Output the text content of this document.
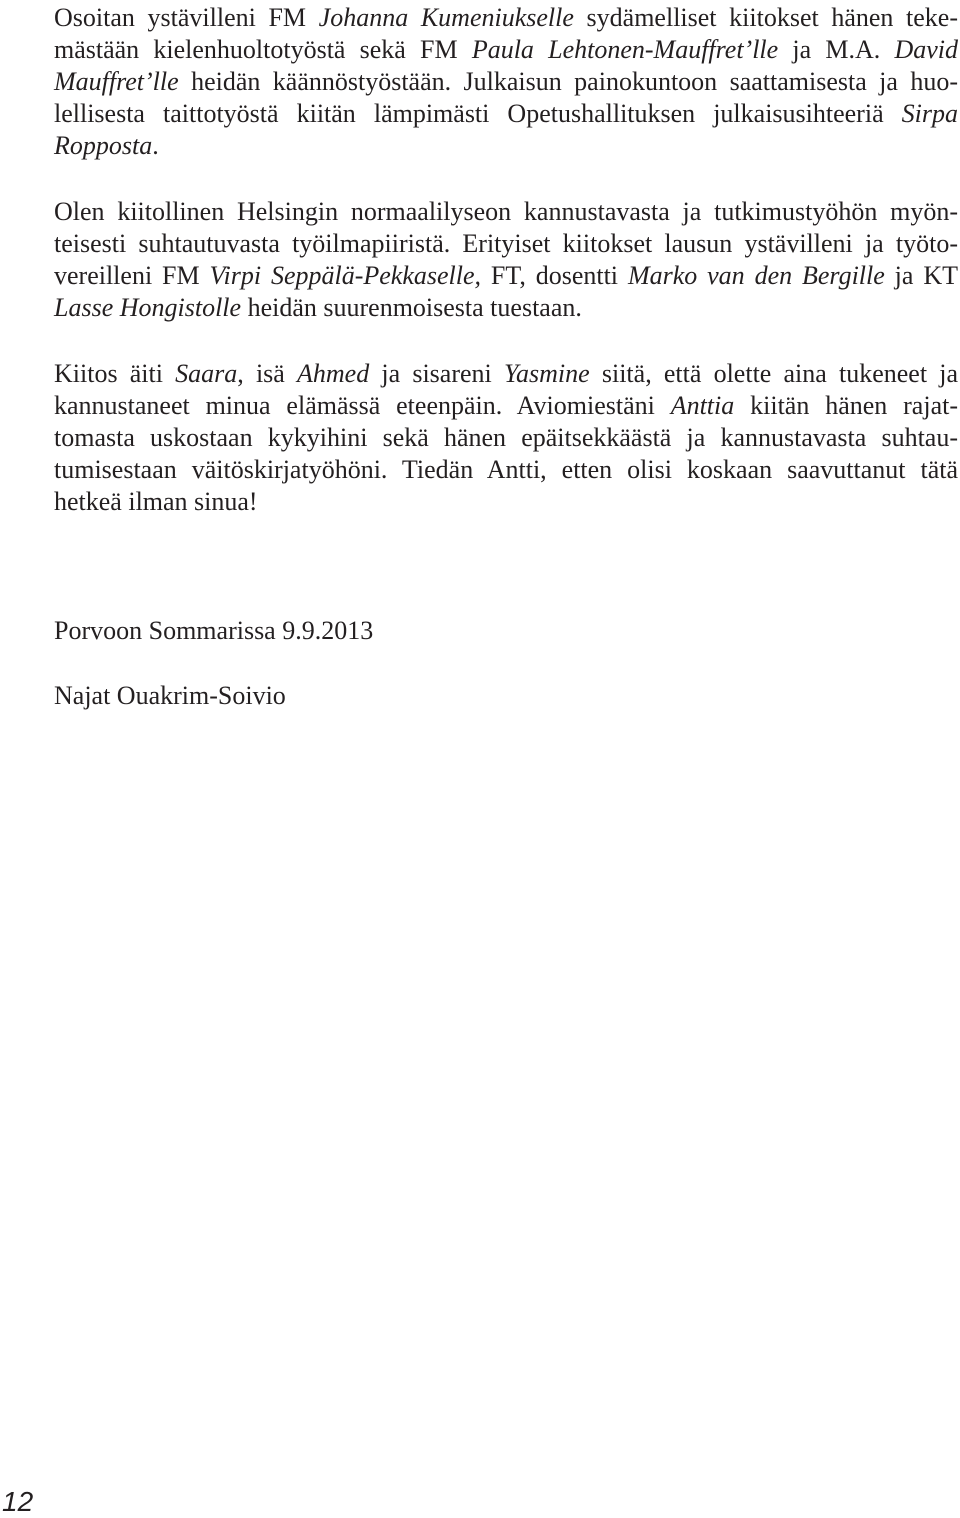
Osoitan ystävilleni FM Johanna Kumeniukselle sydämelliset kiitokset hänen teke-
mästään kielenhuoltotyöstä sekä FM Paula Lehtonen-Mauffret’lle ja M.A. David
Mauffret’lle heidän käännöstyöstään. Julkaisun painokuntoon saattamisesta ja huo-
lellisesta taittotyöstä kiitän lämpimästi Opetushallituksen julkaisusihteeriä Sirpa
Ropposta.
Olen kiitollinen Helsingin normaalilyseon kannustavasta ja tutkimustyöhön myön-
teisesti suhtautuvasta työilmapiiristä. Erityiset kiitokset lausun ystävilleni ja työto-
vereilleni FM Virpi Seppälä-Pekkaselle, FT, dosentti Marko van den Bergille ja KT
Lasse Hongistolle heidän suurenmoisesta tuestaan.
Kiitos äiti Saara, isä Ahmed ja sisareni Yasmine siitä, että olette aina tukeneet ja
kannustaneet minua elämässä eteenpäin. Aviomiestäni Anttia kiitän hänen rajat-
tomasta uskostaan kykyihini sekä hänen epäitsekkäästä ja kannustavasta suhtau-
tumisestaan väitöskirjatyöhöni. Tiedän Antti, etten olisi koskaan saavuttanut tätä
hetkeä ilman sinua!

Porvoon Sommarissa 9.9.2013

Najat Ouakrim-Soivio

12
